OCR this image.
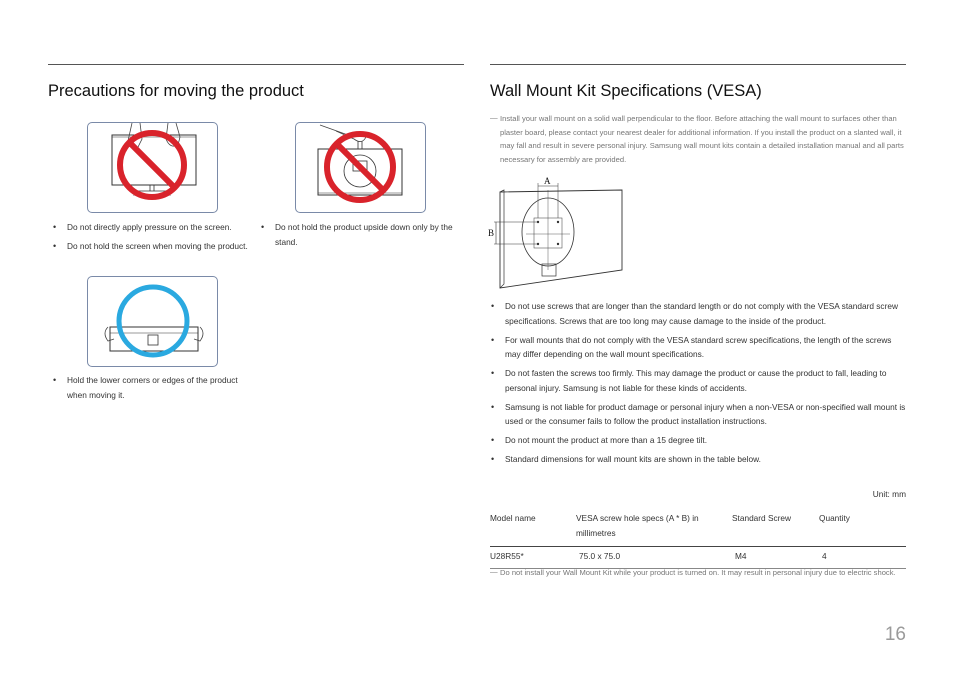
Precautions for moving the product
• Do not directly apply pressure on the screen.
• Do not hold the screen when moving the product.
• Do not hold the product upside down only by the stand.
• Hold the lower corners or edges of the product when moving it.
Wall Mount Kit Specifications (VESA)
― Install your wall mount on a solid wall perpendicular to the floor. Before attaching the wall mount to surfaces other than plaster board, please contact your nearest dealer for additional information. If you install the product on a slanted wall, it may fall and result in severe personal injury. Samsung wall mount kits contain a detailed installation manual and all parts necessary for assembly are provided.
A
B
• Do not use screws that are longer than the standard length or do not comply with the VESA standard screw specifications. Screws that are too long may cause damage to the inside of the product.
• For wall mounts that do not comply with the VESA standard screw specifications, the length of the screws may differ depending on the wall mount specifications.
• Do not fasten the screws too firmly. This may damage the product or cause the product to fall, leading to personal injury. Samsung is not liable for these kinds of accidents.
• Samsung is not liable for product damage or personal injury when a non-VESA or non-specified wall mount is used or the consumer fails to follow the product installation instructions.
• Do not mount the product at more than a 15 degree tilt.
• Standard dimensions for wall mount kits are shown in the table below.
Unit: mm
Model name	VESA screw hole specs (A * B) in millimetres	Standard Screw	Quantity
U28R55*	75.0 x 75.0	M4	4
― Do not install your Wall Mount Kit while your product is turned on. It may result in personal injury due to electric shock.
16
